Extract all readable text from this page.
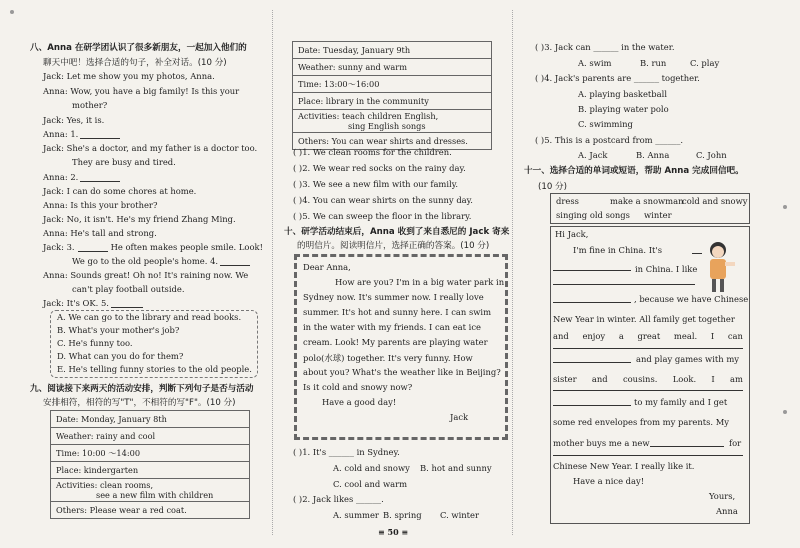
八、Anna 在研学团认识了很多新朋友，一起加入他们的
聊天中吧！选择合适的句子，补全对话。(10 分)
Jack: Let me show you my photos, Anna.
Anna: Wow, you have a big family! Is this your
mother?
Jack: Yes, it is.
Anna: 1.
Jack: She's a doctor, and my father is a doctor too.
They are busy and tired.
Anna: 2.
Jack: I can do some chores at home.
Anna: Is this your brother?
Jack: No, it isn't. He's my friend Zhang Ming.
Anna: He's tall and strong.
Jack: 3.	He often makes people smile. Look!
We go to the old people's home. 4.
Anna: Sounds great! Oh no! It's raining now. We
can't play football outside.
Jack: It's OK. 5.
A. We can go to the library and read books.
B. What's your mother's job?
C. He's funny too.
D. What can you do for them?
E. He's telling funny stories to the old people.
九、阅读接下来两天的活动安排，判断下列句子是否与活动
安排相符，相符的写"T"，不相符的写"F"。(10 分)
Date: Monday, January 8th
Weather: rainy and cool
Time: 10:00 ～14:00
Place: kindergarten
Activities: clean rooms,
see a new film with children
Others: Please wear a red coat.
Date: Tuesday, January 9th
Weather: sunny and warm
Time: 13:00～16:00
Place: library in the community
Activities: teach children English,
sing English songs
Others: You can wear shirts and dresses.
( )1. We clean rooms for the children.
( )2. We wear red socks on the rainy day.
( )3. We see a new film with our family.
( )4. You can wear shirts on the sunny day.
( )5. We can sweep the floor in the library.
十、研学活动结束后，Anna 收到了来自悉尼的 Jack 寄来
的明信片。阅读明信片，选择正确的答案。(10 分)
Dear Anna,
How are you? I'm in a big water park in
Sydney now. It's summer now. I really love
summer. It's hot and sunny here. I can swim
in the water with my friends. I can eat ice
cream. Look! My parents are playing water
polo(水球) together. It's very funny. How
about you? What's the weather like in Beijing?
Is it cold and snowy now?
Have a good day!
Jack
( )1. It's ______ in Sydney.
A. cold and snowy B. hot and sunny
C. cool and warm
( )2. Jack likes ______.
A. summer B. spring C. winter
≡ 50 ≡
( )3. Jack can ______ in the water.
A. swim	B. run	C. play
( )4. Jack's parents are ______ together.
A. playing basketball
B. playing water polo
C. swimming
( )5. This is a postcard from ______.
A. Jack	B. Anna	C. John
十一、选择合适的单词或短语，帮助 Anna 完成回信吧。
(10 分)
dress	make a snowman
cold and snowy
singing old songs winter
Hi Jack,
I'm fine in China. It's
in China. I like
, because we have Chinese
New Year in winter. All family get together
and enjoy a great meal. I can
and play games with my
sister and cousins. Look. I am
to my family and I get
some red envelopes from my parents. My
mother buys me a new	for
Chinese New Year. I really like it.
Have a nice day!
Yours,
Anna
